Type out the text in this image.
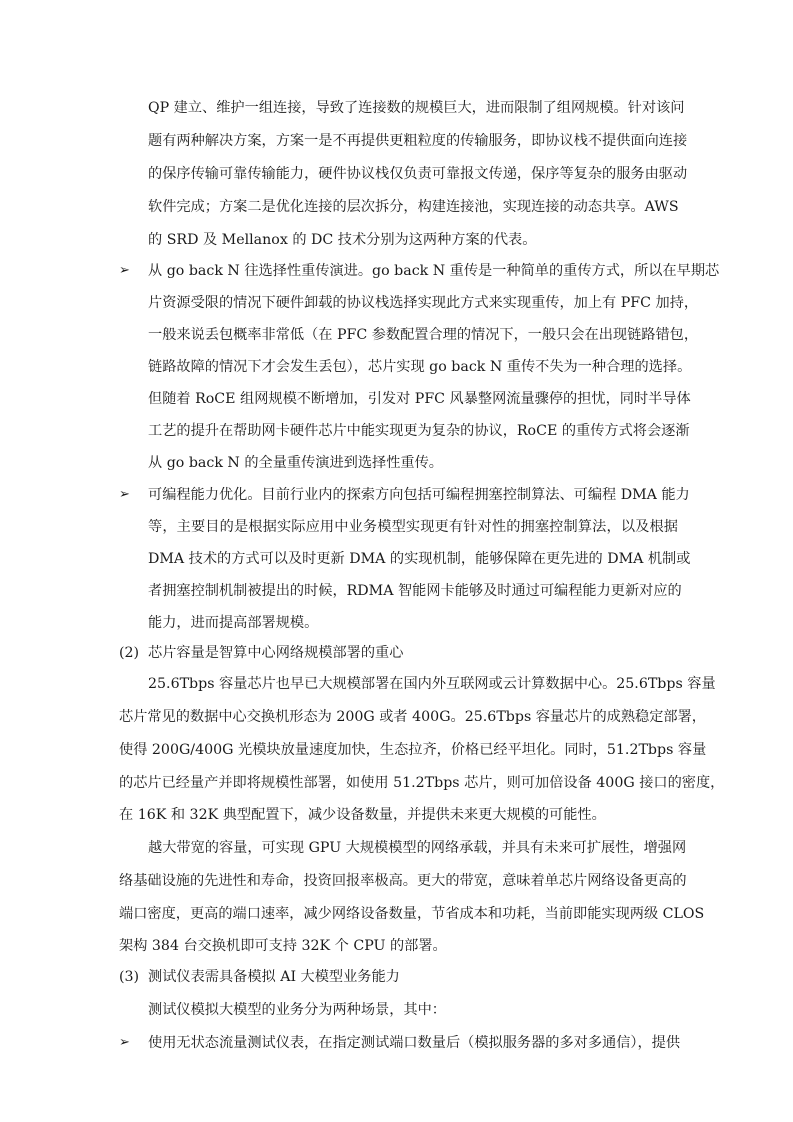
QP 建立、维护一组连接，导致了连接数的规模巨大，进而限制了组网规模。针对该问
题有两种解决方案，方案一是不再提供更粗粒度的传输服务，即协议栈不提供面向连接
的保序传输可靠传输能力，硬件协议栈仅负责可靠报文传递，保序等复杂的服务由驱动
软件完成；方案二是优化连接的层次拆分，构建连接池，实现连接的动态共享。AWS
的 SRD 及 Mellanox 的 DC 技术分别为这两种方案的代表。
➢	从 go back N 往选择性重传演进。go back N 重传是一种简单的重传方式，所以在早期芯
片资源受限的情况下硬件卸载的协议栈选择实现此方式来实现重传，加上有 PFC 加持，
一般来说丢包概率非常低（在 PFC 参数配置合理的情况下，一般只会在出现链路错包，
链路故障的情况下才会发生丢包），芯片实现 go back N 重传不失为一种合理的选择。
但随着 RoCE 组网规模不断增加，引发对 PFC 风暴整网流量骤停的担忧，同时半导体
工艺的提升在帮助网卡硬件芯片中能实现更为复杂的协议，RoCE 的重传方式将会逐渐
从 go back N 的全量重传演进到选择性重传。
➢	可编程能力优化。目前行业内的探索方向包括可编程拥塞控制算法、可编程 DMA 能力
等，主要目的是根据实际应用中业务模型实现更有针对性的拥塞控制算法，以及根据
DMA 技术的方式可以及时更新 DMA 的实现机制，能够保障在更先进的 DMA 机制或
者拥塞控制机制被提出的时候，RDMA 智能网卡能够及时通过可编程能力更新对应的
能力，进而提高部署规模。
(2) 芯片容量是智算中心网络规模部署的重心
25.6Tbps 容量芯片也早已大规模部署在国内外互联网或云计算数据中心。25.6Tbps 容量
芯片常见的数据中心交换机形态为 200G 或者 400G。25.6Tbps 容量芯片的成熟稳定部署，
使得 200G/400G 光模块放量速度加快，生态拉齐，价格已经平坦化。同时，51.2Tbps 容量
的芯片已经量产并即将规模性部署，如使用 51.2Tbps 芯片，则可加倍设备 400G 接口的密度，
在 16K 和 32K 典型配置下，减少设备数量，并提供未来更大规模的可能性。
越大带宽的容量，可实现 GPU 大规模模型的网络承载，并具有未来可扩展性，增强网
络基础设施的先进性和寿命，投资回报率极高。更大的带宽，意味着单芯片网络设备更高的
端口密度，更高的端口速率，减少网络设备数量，节省成本和功耗，当前即能实现两级 CLOS
架构 384 台交换机即可支持 32K 个 CPU 的部署。
(3) 测试仪表需具备模拟 AI 大模型业务能力
测试仪模拟大模型的业务分为两种场景，其中：
➢	使用无状态流量测试仪表，在指定测试端口数量后（模拟服务器的多对多通信），提供
